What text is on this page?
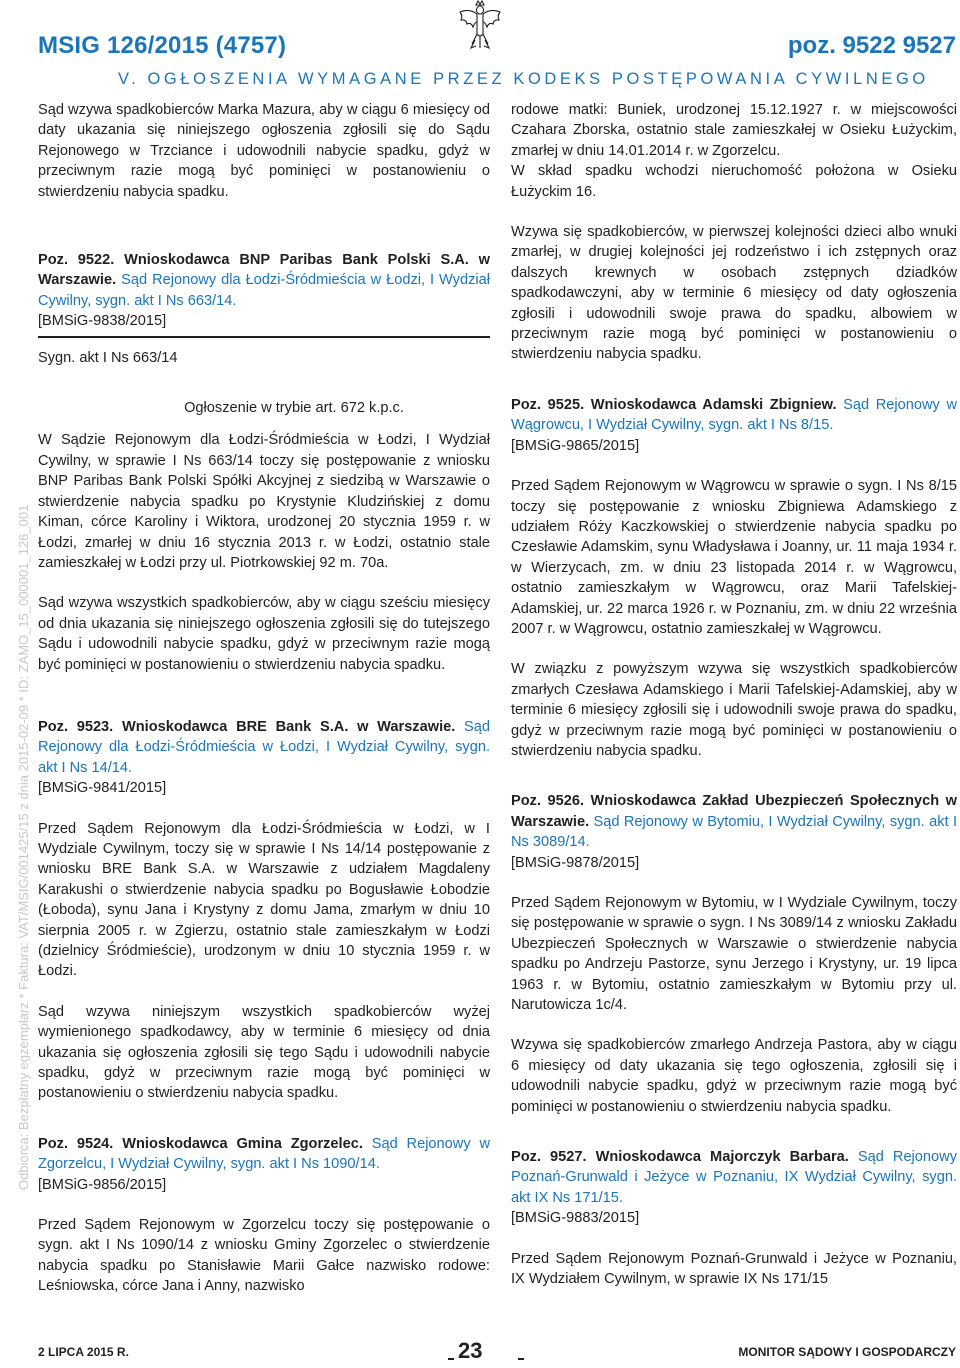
Odbiorca: Bezpłatny egzemplarz * Faktura: VAT/MSIG/001425/15 z dnia 2015-02-09 * ID: ZAMO_15_000001_126_001
MSIG 126/2015 (4757)	poz. 9522 9527
V. OGŁOSZENIA WYMAGANE PRZEZ KODEKS POSTĘPOWANIA CYWILNEGO

Sąd wzywa spadkobierców Marka Mazura, aby w ciągu 6 miesięcy od daty ukazania się niniejszego ogłoszenia zgłosili się do Sądu Rejonowego w Trzciance i udowodnili nabycie spadku, gdyż w przeciwnym razie mogą być pominięci w postanowieniu o stwierdzeniu nabycia spadku.

Poz. 9522. Wnioskodawca BNP Paribas Bank Polski S.A. w Warszawie. Sąd Rejonowy dla Łodzi-Śródmieścia w Łodzi, I Wydział Cywilny, sygn. akt I Ns 663/14.

[BMSiG-9838/2015]

Sygn. akt I Ns 663/14

Ogłoszenie w trybie art. 672 k.p.c.

W Sądzie Rejonowym dla Łodzi-Śródmieścia w Łodzi, I Wydział Cywilny, w sprawie I Ns 663/14 toczy się postępowanie z wniosku BNP Paribas Bank Polski Spółki Akcyjnej z siedzibą w Warszawie o stwierdzenie nabycia spadku po Krystynie Kludzińskiej z domu Kiman, córce Karoliny i Wiktora, urodzonej 20 stycznia 1959 r. w Łodzi, zmarłej w dniu 16 stycznia 2013 r. w Łodzi, ostatnio stale zamieszkałej w Łodzi przy ul. Piotrkowskiej 92 m. 70a.

Sąd wzywa wszystkich spadkobierców, aby w ciągu sześciu miesięcy od dnia ukazania się niniejszego ogłoszenia zgłosili się do tutejszego Sądu i udowodnili nabycie spadku, gdyż w przeciwnym razie mogą być pominięci w postanowieniu o stwierdzeniu nabycia spadku.

Poz. 9523. Wnioskodawca BRE Bank S.A. w Warszawie. Sąd Rejonowy dla Łodzi-Śródmieścia w Łodzi, I Wydział Cywilny, sygn. akt I Ns 14/14.

[BMSiG-9841/2015]

Przed Sądem Rejonowym dla Łodzi-Śródmieścia w Łodzi, w I Wydziale Cywilnym, toczy się w sprawie I Ns 14/14 postępowanie z wniosku BRE Bank S.A. w Warszawie z udziałem Magdaleny Karakushi o stwierdzenie nabycia spadku po Bogusławie Łobodzie (Łoboda), synu Jana i Krystyny z domu Jama, zmarłym w dniu 10 sierpnia 2005 r. w Zgierzu, ostatnio stale zamieszkałym w Łodzi (dzielnicy Śródmieście), urodzonym w dniu 10 stycznia 1959 r. w Łodzi.

Sąd wzywa niniejszym wszystkich spadkobierców wyżej wymienionego spadkodawcy, aby w terminie 6 miesięcy od dnia ukazania się ogłoszenia zgłosili się tego Sądu i udowodnili nabycie spadku, gdyż w przeciwnym razie mogą być pominięci w postanowieniu o stwierdzeniu nabycia spadku.

Poz. 9524. Wnioskodawca Gmina Zgorzelec. Sąd Rejonowy w Zgorzelcu, I Wydział Cywilny, sygn. akt I Ns 1090/14.

[BMSiG-9856/2015]

Przed Sądem Rejonowym w Zgorzelcu toczy się postępowanie o sygn. akt I Ns 1090/14 z wniosku Gminy Zgorzelec o stwierdzenie nabycia spadku po Stanisławie Marii Gałce nazwisko rodowe: Leśniowska, córce Jana i Anny, nazwisko

rodowe matki: Buniek, urodzonej 15.12.1927 r. w miejscowości Czahara Zborska, ostatnio stale zamieszkałej w Osieku Łużyckim, zmarłej w dniu 14.01.2014 r. w Zgorzelcu.

W skład spadku wchodzi nieruchomość położona w Osieku Łużyckim 16.

Wzywa się spadkobierców, w pierwszej kolejności dzieci albo wnuki zmarłej, w drugiej kolejności jej rodzeństwo i ich zstępnych oraz dalszych krewnych w osobach zstępnych dziadków spadkodawczyni, aby w terminie 6 miesięcy od daty ogłoszenia zgłosili i udowodnili swoje prawa do spadku, albowiem w przeciwnym razie mogą być pominięci w postanowieniu o stwierdzeniu nabycia spadku.

Poz. 9525. Wnioskodawca Adamski Zbigniew. Sąd Rejonowy w Wągrowcu, I Wydział Cywilny, sygn. akt I Ns 8/15.

[BMSiG-9865/2015]

Przed Sądem Rejonowym w Wągrowcu w sprawie o sygn. I Ns 8/15 toczy się postępowanie z wniosku Zbigniewa Adamskiego z udziałem Róży Kaczkowskiej o stwierdzenie nabycia spadku po Czesławie Adamskim, synu Władysława i Joanny, ur. 11 maja 1934 r. w Wierzycach, zm. w dniu 23 listopada 2014 r. w Wągrowcu, ostatnio zamieszkałym w Wągrowcu, oraz Marii Tafelskiej-Adamskiej, ur. 22 marca 1926 r. w Poznaniu, zm. w dniu 22 września 2007 r. w Wągrowcu, ostatnio zamieszkałej w Wągrowcu.

W związku z powyższym wzywa się wszystkich spadkobierców zmarłych Czesława Adamskiego i Marii Tafelskiej-Adamskiej, aby w terminie 6 miesięcy zgłosili się i udowodnili swoje prawa do spadku, gdyż w przeciwnym razie mogą być pominięci w postanowieniu o stwierdzeniu nabycia spadku.

Poz. 9526. Wnioskodawca Zakład Ubezpieczeń Społecznych w Warszawie. Sąd Rejonowy w Bytomiu, I Wydział Cywilny, sygn. akt I Ns 3089/14.

[BMSiG-9878/2015]

Przed Sądem Rejonowym w Bytomiu, w I Wydziale Cywilnym, toczy się postępowanie w sprawie o sygn. I Ns 3089/14 z wniosku Zakładu Ubezpieczeń Społecznych w Warszawie o stwierdzenie nabycia spadku po Andrzeju Pastorze, synu Jerzego i Krystyny, ur. 19 lipca 1963 r. w Bytomiu, ostatnio zamieszkałym w Bytomiu przy ul. Narutowicza 1c/4.

Wzywa się spadkobierców zmarłego Andrzeja Pastora, aby w ciągu 6 miesięcy od daty ukazania się tego ogłoszenia, zgłosili się i udowodnili nabycie spadku, gdyż w przeciwnym razie mogą być pominięci w postanowieniu o stwierdzeniu nabycia spadku.

Poz. 9527. Wnioskodawca Majorczyk Barbara. Sąd Rejonowy Poznań-Grunwald i Jeżyce w Poznaniu, IX Wydział Cywilny, sygn. akt IX Ns 171/15.

[BMSiG-9883/2015]

Przed Sądem Rejonowym Poznań-Grunwald i Jeżyce w Poznaniu, IX Wydziałem Cywilnym, w sprawie IX Ns 171/15

2 LIPCA 2015 R.	23	MONITOR SĄDOWY I GOSPODARCZY
